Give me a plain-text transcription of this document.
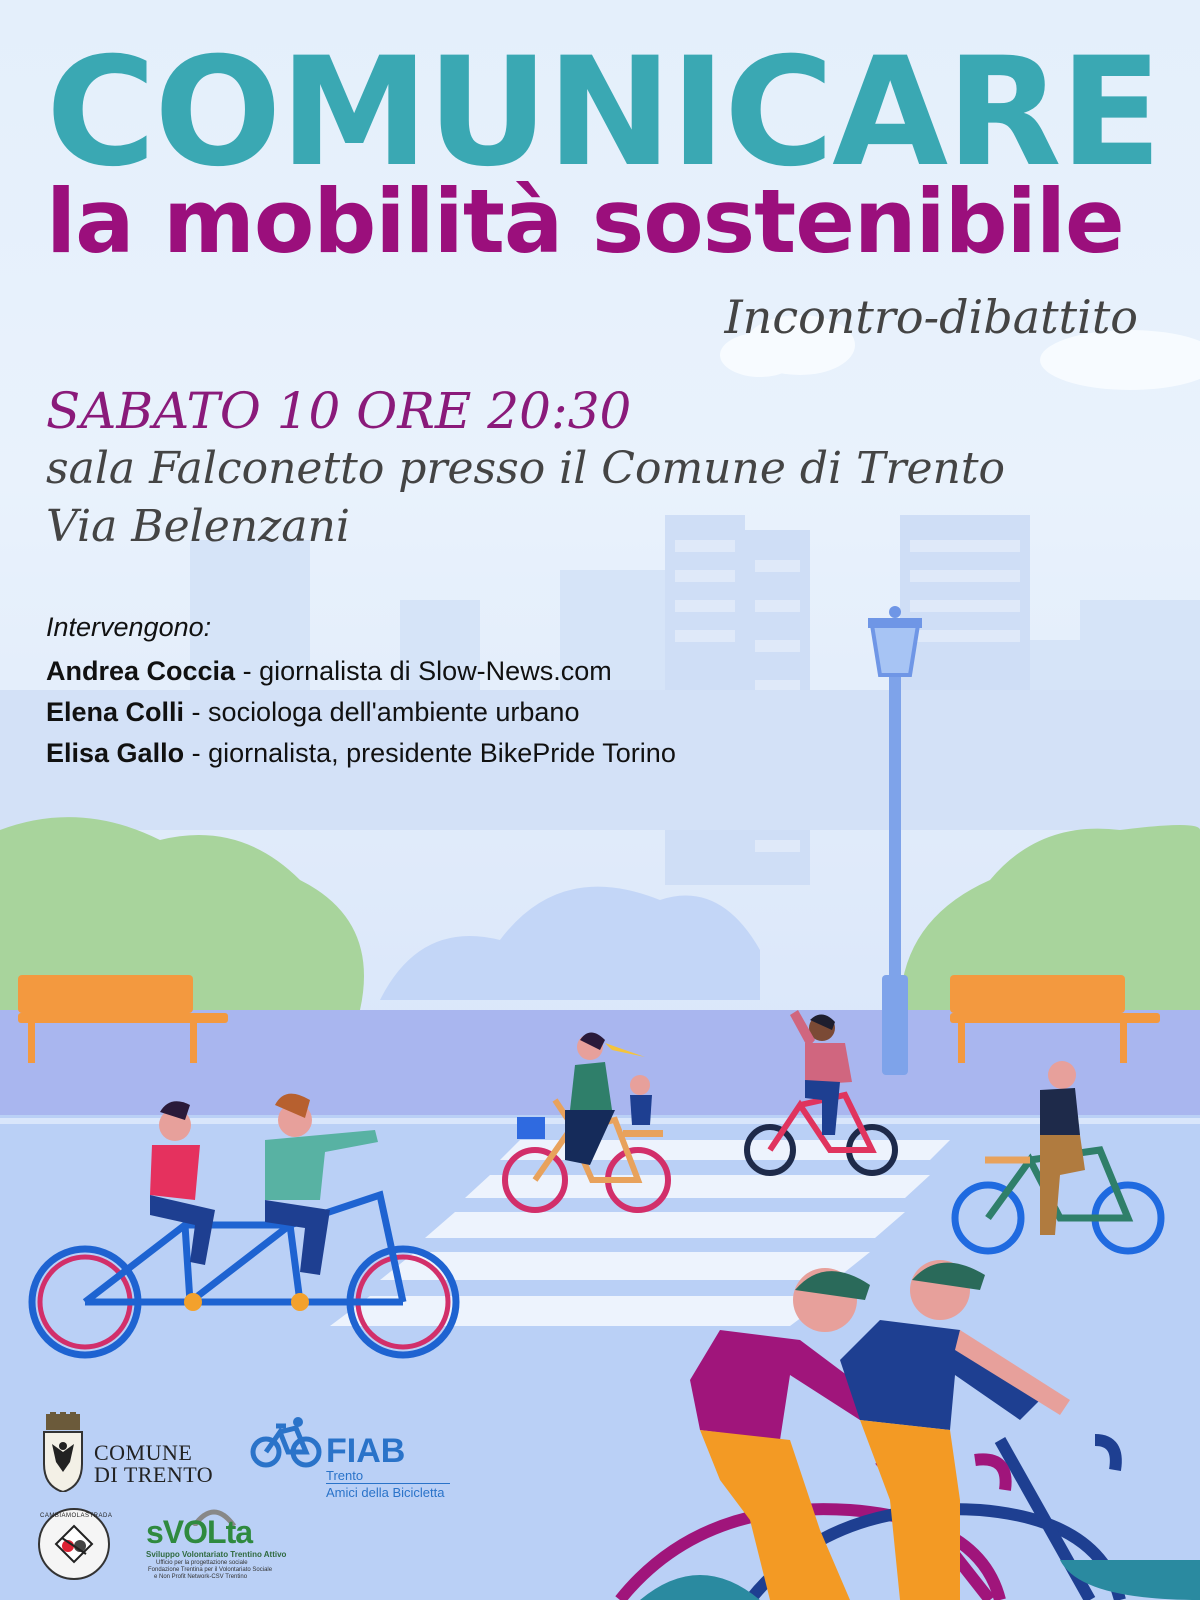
COMUNICARE
la mobilità sostenibile
Incontro-dibattito
SABATO 10 ORE 20:30
sala Falconetto presso il Comune di Trento
Via Belenzani
Intervengono:
Andrea Coccia - giornalista di Slow-News.com
Elena Colli - sociologa dell'ambiente urbano
Elisa Gallo - giornalista, presidente BikePride Torino
COMUNE
DI TRENTO
FIAB
Trento
Amici della Bicicletta
CAMBIAMOLASTRADA sVOLta
Sviluppo Volontariato Trentino Attivo
Ufficio per la progettazione sociale
Fondazione Trentina per il Volontariato Sociale
e Non Profit Network-CSV Trentino
